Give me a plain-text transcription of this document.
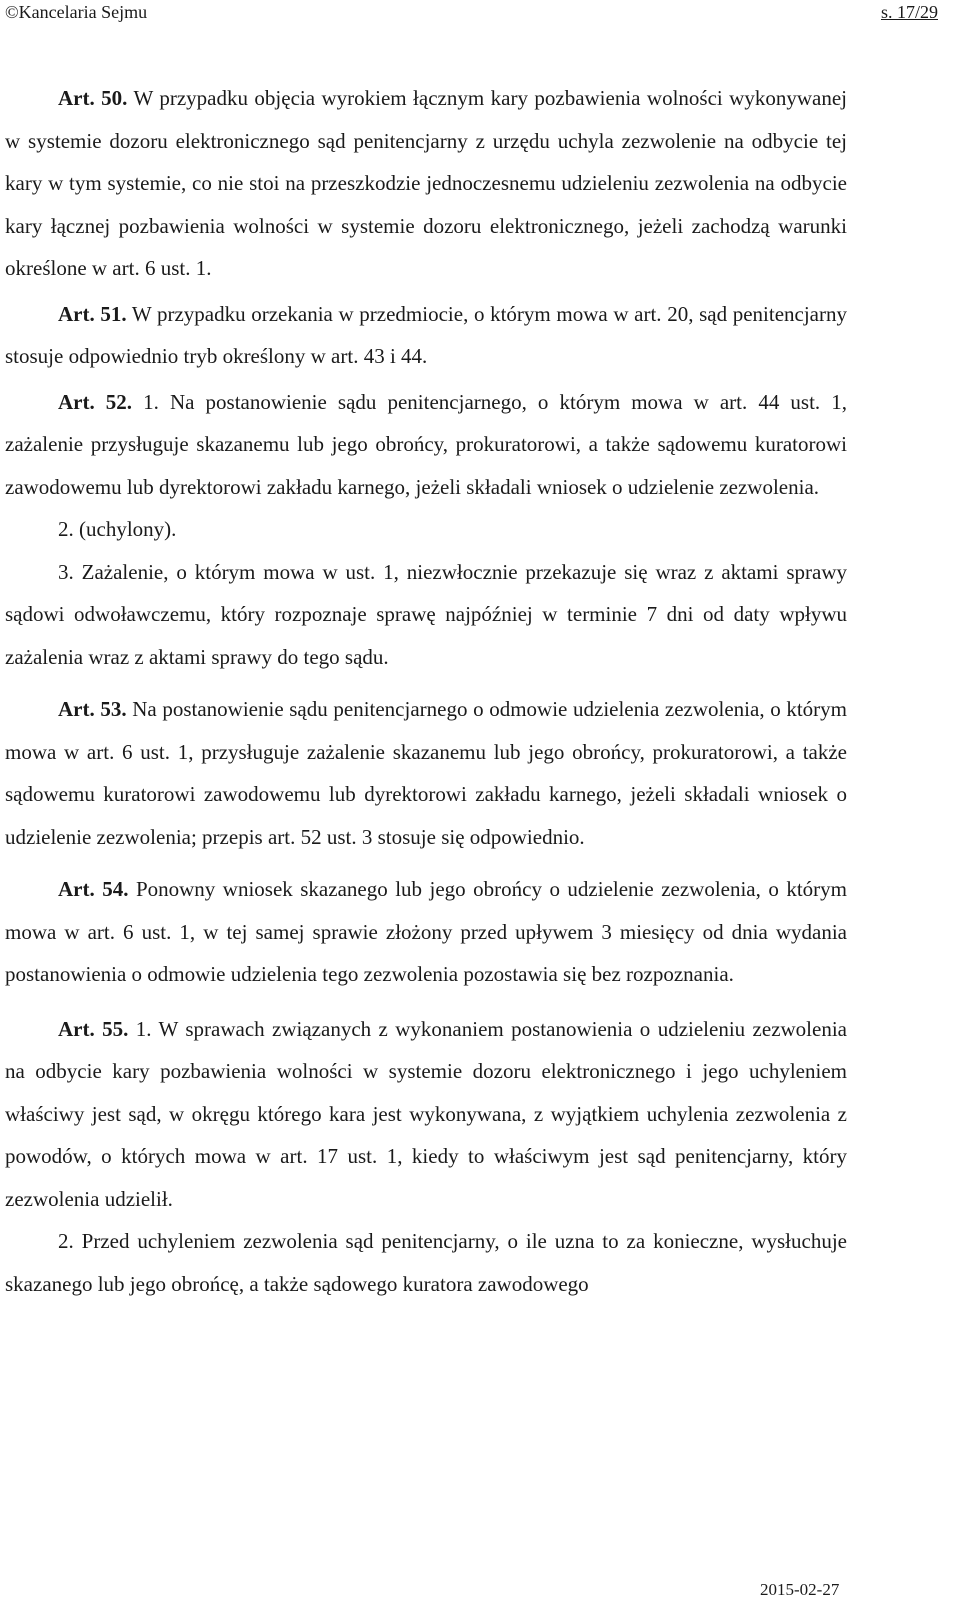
©Kancelaria Sejmu	s. 17/29

Art. 50. W przypadku objęcia wyrokiem łącznym kary pozbawienia wolności wykonywanej w systemie dozoru elektronicznego sąd penitencjarny z urzędu uchyla zezwolenie na odbycie tej kary w tym systemie, co nie stoi na przeszkodzie jednoczesnemu udzieleniu zezwolenia na odbycie kary łącznej pozbawienia wolności w systemie dozoru elektronicznego, jeżeli zachodzą warunki określone w art. 6 ust. 1.

Art. 51. W przypadku orzekania w przedmiocie, o którym mowa w art. 20, sąd penitencjarny stosuje odpowiednio tryb określony w art. 43 i 44.

Art. 52. 1. Na postanowienie sądu penitencjarnego, o którym mowa w art. 44 ust. 1, zażalenie przysługuje skazanemu lub jego obrońcy, prokuratorowi, a także sądowemu kuratorowi zawodowemu lub dyrektorowi zakładu karnego, jeżeli składali wniosek o udzielenie zezwolenia.

2. (uchylony).

3. Zażalenie, o którym mowa w ust. 1, niezwłocznie przekazuje się wraz z aktami sprawy sądowi odwoławczemu, który rozpoznaje sprawę najpóźniej w terminie 7 dni od daty wpływu zażalenia wraz z aktami sprawy do tego sądu.

Art. 53. Na postanowienie sądu penitencjarnego o odmowie udzielenia zezwolenia, o którym mowa w art. 6 ust. 1, przysługuje zażalenie skazanemu lub jego obrońcy, prokuratorowi, a także sądowemu kuratorowi zawodowemu lub dyrektorowi zakładu karnego, jeżeli składali wniosek o udzielenie zezwolenia; przepis art. 52 ust. 3 stosuje się odpowiednio.

Art. 54. Ponowny wniosek skazanego lub jego obrońcy o udzielenie zezwolenia, o którym mowa w art. 6 ust. 1, w tej samej sprawie złożony przed upływem 3 miesięcy od dnia wydania postanowienia o odmowie udzielenia tego zezwolenia pozostawia się bez rozpoznania.

Art. 55. 1. W sprawach związanych z wykonaniem postanowienia o udzieleniu zezwolenia na odbycie kary pozbawienia wolności w systemie dozoru elektronicznego i jego uchyleniem właściwy jest sąd, w okręgu którego kara jest wykonywana, z wyjątkiem uchylenia zezwolenia z powodów, o których mowa w art. 17 ust. 1, kiedy to właściwym jest sąd penitencjarny, który zezwolenia udzielił.

2. Przed uchyleniem zezwolenia sąd penitencjarny, o ile uzna to za konieczne, wysłuchuje skazanego lub jego obrońcę, a także sądowego kuratora zawodowego

2015-02-27
